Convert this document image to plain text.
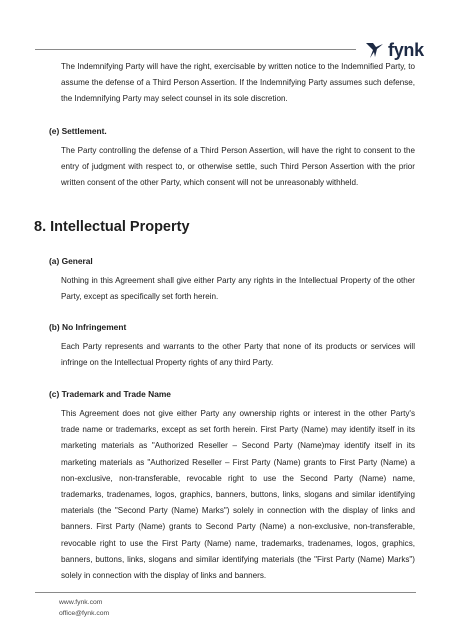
fynk

The Indemnifying Party will have the right, exercisable by written notice to the Indemnified Party, to assume the defense of a Third Person Assertion. If the Indemnifying Party assumes such defense, the Indemnifying Party may select counsel in its sole discretion.

(e) Settlement.

The Party controlling the defense of a Third Person Assertion, will have the right to consent to the entry of judgment with respect to, or otherwise settle, such Third Person Assertion with the prior written consent of the other Party, which consent will not be unreasonably withheld.

8. Intellectual Property
(a) General

Nothing in this Agreement shall give either Party any rights in the Intellectual Property of the other Party, except as specifically set forth herein.

(b) No Infringement

Each Party represents and warrants to the other Party that none of its products or services will infringe on the Intellectual Property rights of any third Party.

(c) Trademark and Trade Name

This Agreement does not give either Party any ownership rights or interest in the other Party's trade name or trademarks, except as set forth herein. First Party (Name) may identify itself in its marketing materials as "Authorized Reseller – Second Party (Name)may identify itself in its marketing materials as "Authorized Reseller – First Party (Name) grants to First Party (Name) a non-exclusive, non-transferable, revocable right to use the Second Party (Name) name, trademarks, tradenames, logos, graphics, banners, buttons, links, slogans and similar identifying materials (the "Second Party (Name) Marks") solely in connection with the display of links and banners. First Party (Name) grants to Second Party (Name) a non-exclusive, non-transferable, revocable right to use the First Party (Name) name, trademarks, tradenames, logos, graphics, banners, buttons, links, slogans and similar identifying materials (the "First Party (Name) Marks") solely in connection with the display of links and banners.

www.fynk.com
office@fynk.com
